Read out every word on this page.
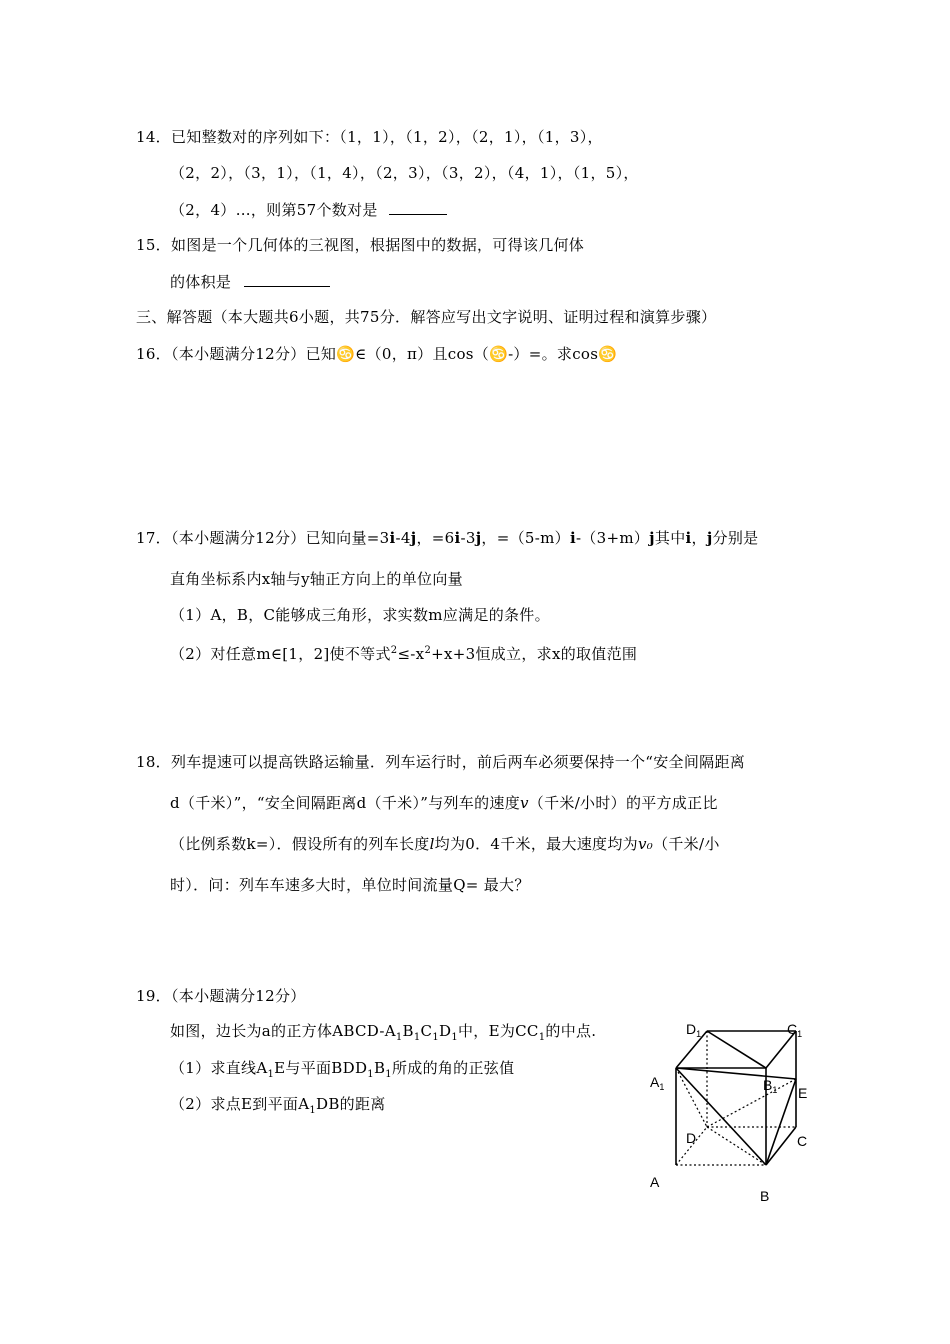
14．已知整数对的序列如下：（1，1），（1，2），（2，1），（1，3），
（2，2），（3，1），（1，4），（2，3），（3，2），（4，1），（1，5），
（2，4）…，则第57个数对是
15．如图是一个几何体的三视图，根据图中的数据，可得该几何体
的体积是
三、解答题（本大题共6小题，共75分．解答应写出文字说明、证明过程和演算步骤）
16．（本小题满分12分）已知♋∈（0，π）且cos（♋-）=。求cos♋
17．（本小题满分12分）已知向量=3i-4j，=6i-3j，=（5-m）i-（3+m）j其中i，j分别是
直角坐标系内x轴与y轴正方向上的单位向量
（1）A，B，C能够成三角形，求实数m应满足的条件。
（2）对任意m∈[1，2]使不等式$^2\le-x^2+x+3$恒成立，求x的取值范围
18．列车提速可以提高铁路运输量．列车运行时，前后两车必须要保持一个“安全间隔距离
d（千米）”，“安全间隔距离d（千米）”与列车的速度v（千米/小时）的平方成正比
（比例系数k=）．假设所有的列车长度l均为0．4千米，最大速度均为v₀（千米/小
时）．问：列车车速多大时，单位时间流量Q= 最大？
19．（本小题满分12分）
如图，边长为a的正方体ABCD-$A_1B_1C_1D_1$中，E为$CC_1$的中点.
（1）求直线$A_1E$与平面$BDD_1B_1$所成的角的正弦值
（2）求点E到平面$A_1DB$的距离
$D_1$	$C_1$
$A_1$	$B_1$ E
D	C
A
B
